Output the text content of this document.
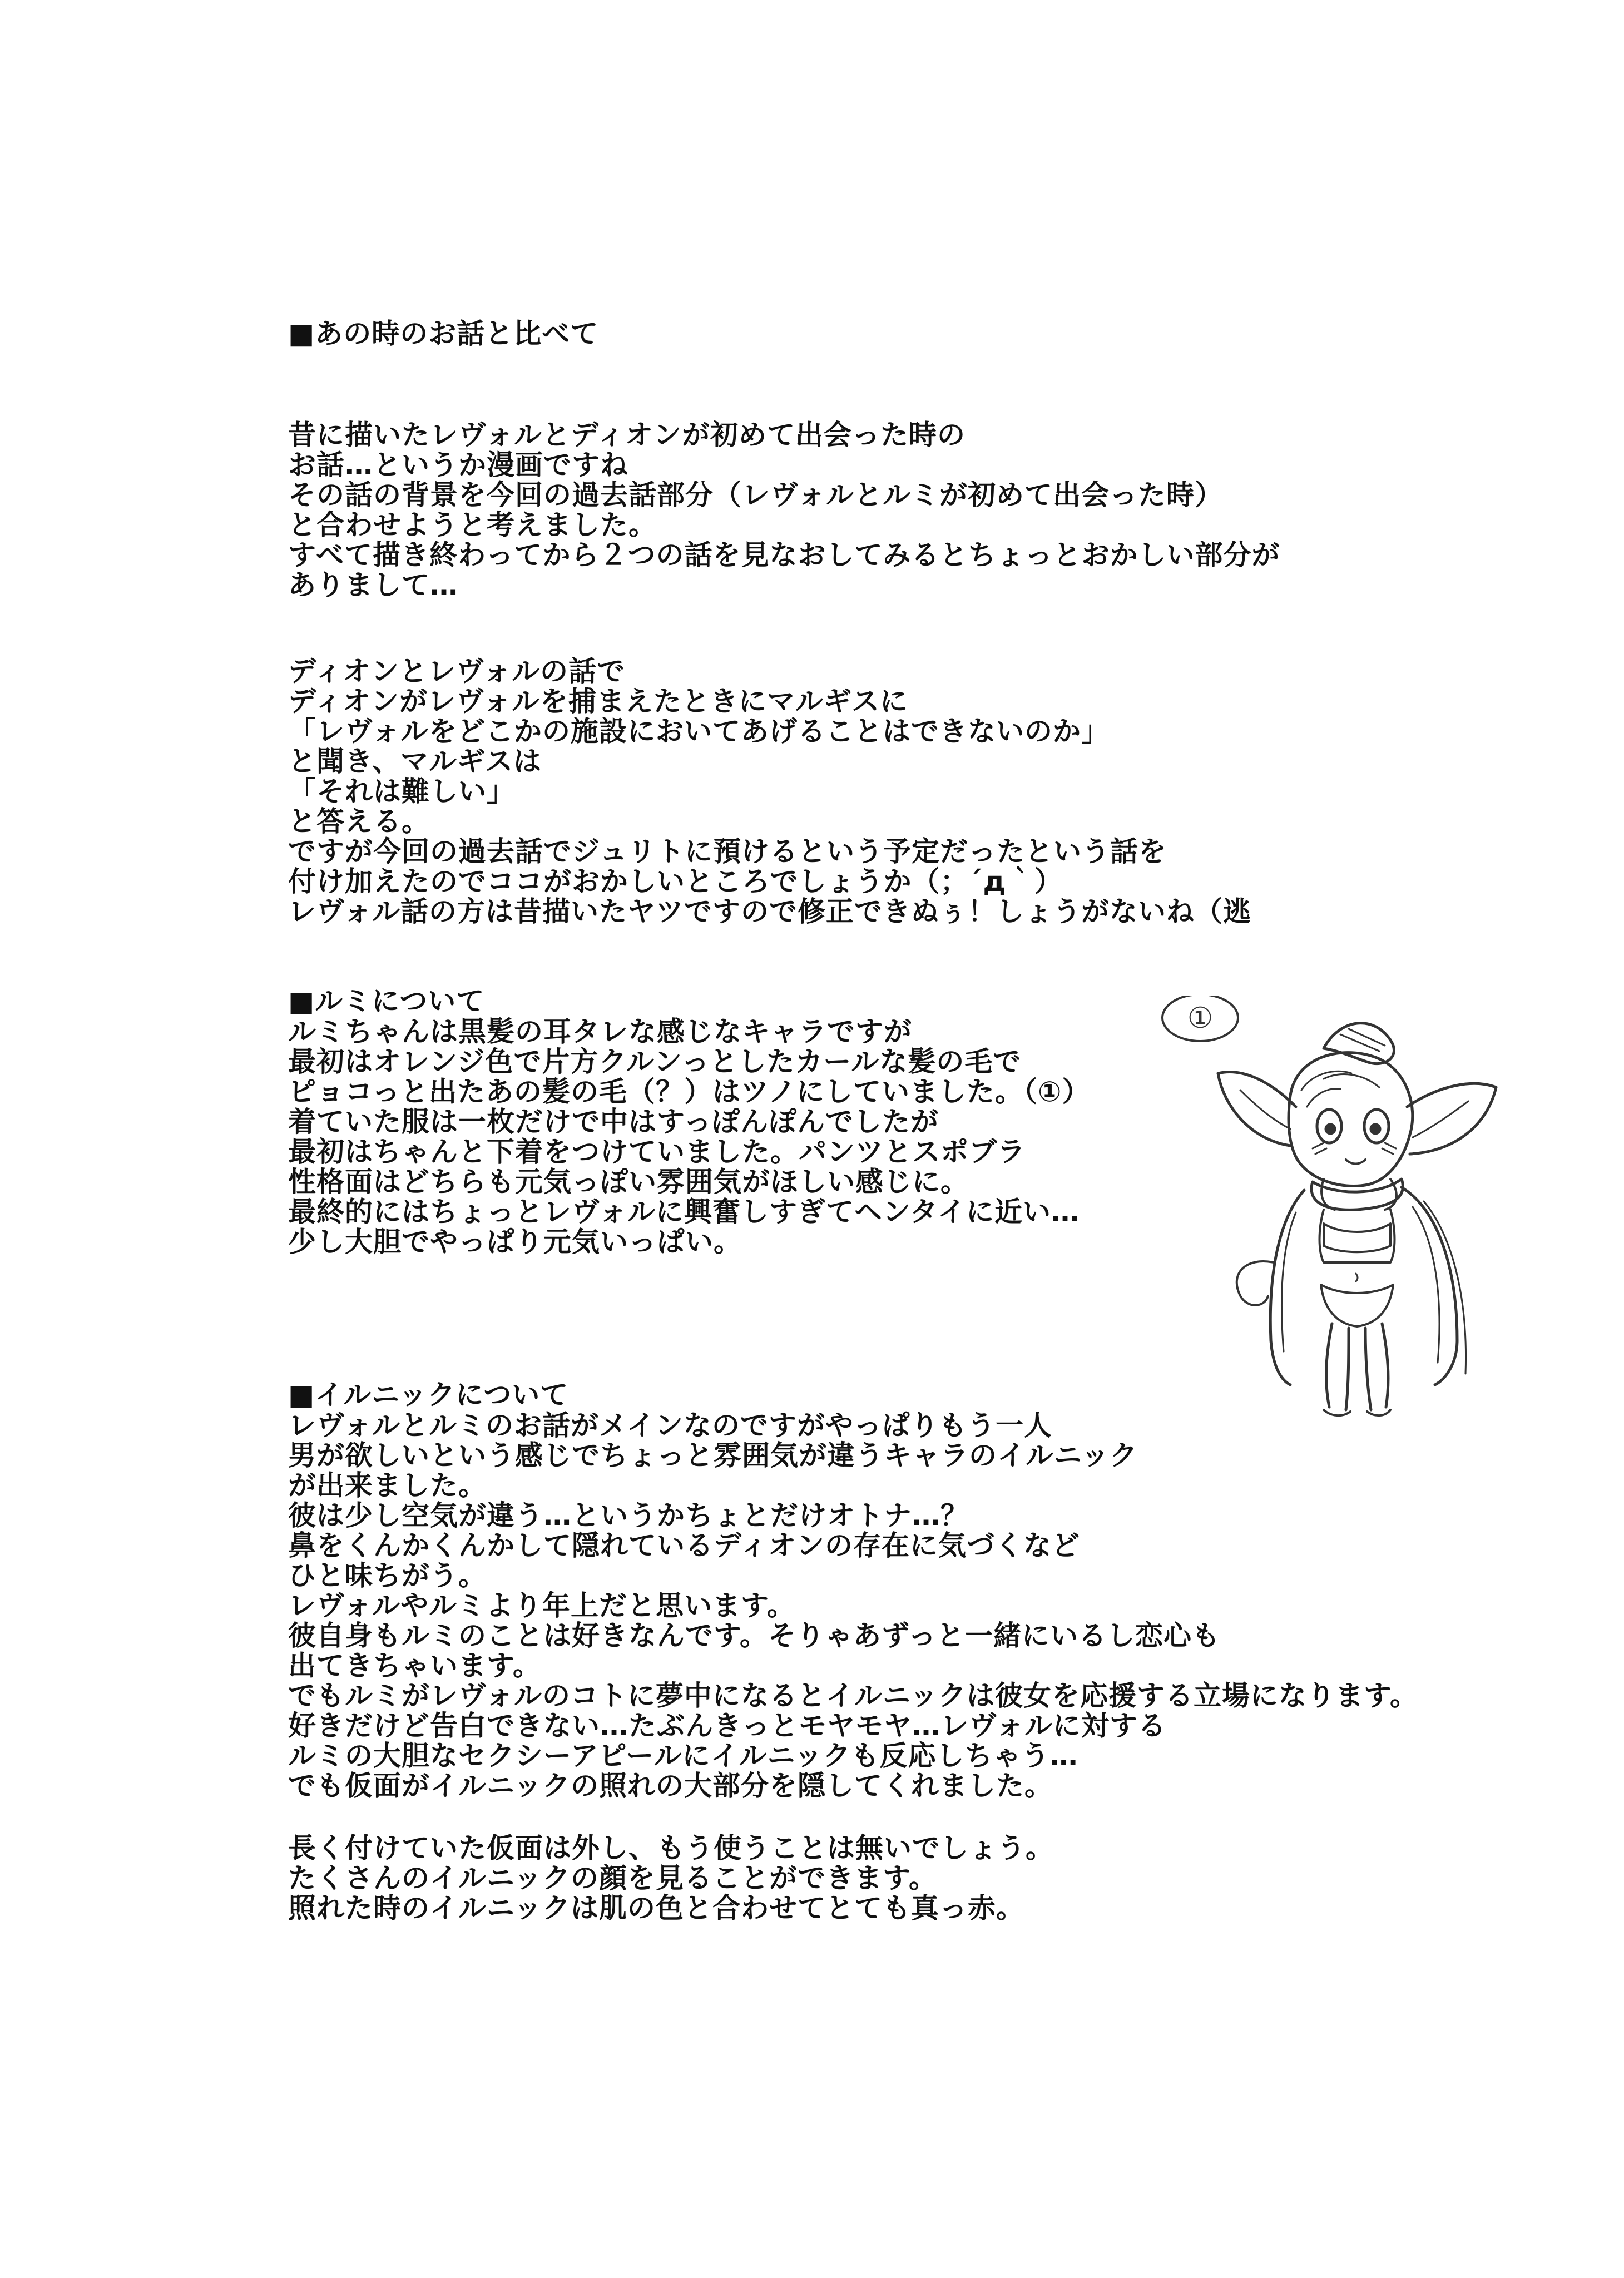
■あの時のお話と比べて
昔に描いたレヴォルとディオンが初めて出会った時の
お話…というか漫画ですね
その話の背景を今回の過去話部分（レヴォルとルミが初めて出会った時）
と合わせようと考えました。
すべて描き終わってから２つの話を見なおしてみるとちょっとおかしい部分が
ありまして…
ディオンとレヴォルの話で
ディオンがレヴォルを捕まえたときにマルギスに
「レヴォルをどこかの施設においてあげることはできないのか」
と聞き、マルギスは
「それは難しい」
と答える。
ですが今回の過去話でジュリトに預けるという予定だったという話を
付け加えたのでココがおかしいところでしょうか（；´д｀）
レヴォル話の方は昔描いたヤツですので修正できぬぅ！しょうがないね（逃
■ルミについて
ルミちゃんは黒髪の耳タレな感じなキャラですが
最初はオレンジ色で片方クルンっとしたカールな髪の毛で
ピョコっと出たあの髪の毛（？）はツノにしていました。（①）
着ていた服は一枚だけで中はすっぽんぽんでしたが
最初はちゃんと下着をつけていました。パンツとスポブラ
性格面はどちらも元気っぽい雰囲気がほしい感じに。
最終的にはちょっとレヴォルに興奮しすぎてヘンタイに近い…
少し大胆でやっぱり元気いっぱい。
①
■イルニックについて
レヴォルとルミのお話がメインなのですがやっぱりもう一人
男が欲しいという感じでちょっと雰囲気が違うキャラのイルニック
が出来ました。
彼は少し空気が違う…というかちょとだけオトナ…？
鼻をくんかくんかして隠れているディオンの存在に気づくなど
ひと味ちがう。
レヴォルやルミより年上だと思います。
彼自身もルミのことは好きなんです。そりゃあずっと一緒にいるし恋心も
出てきちゃいます。
でもルミがレヴォルのコトに夢中になるとイルニックは彼女を応援する立場になります。
好きだけど告白できない…たぶんきっとモヤモヤ…レヴォルに対する
ルミの大胆なセクシーアピールにイルニックも反応しちゃう…
でも仮面がイルニックの照れの大部分を隠してくれました。
長く付けていた仮面は外し、もう使うことは無いでしょう。
たくさんのイルニックの顔を見ることができます。
照れた時のイルニックは肌の色と合わせてとても真っ赤。
